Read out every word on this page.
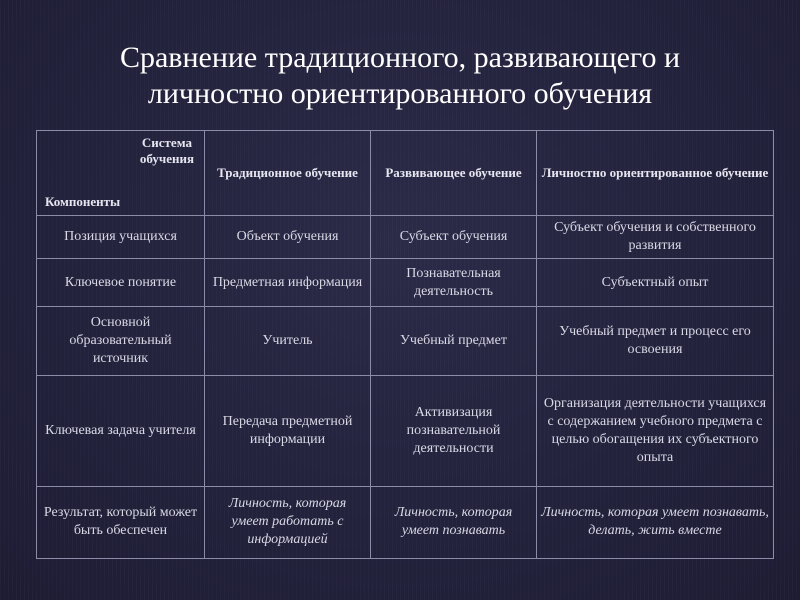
Сравнение традиционного, развивающего и
личностно ориентированного обучения
Система
обучения
Компоненты	Традиционное обучение	Развивающее обучение	Личностно ориентированное обучение
Позиция учащихся	Объект обучения	Субъект обучения	Субъект обучения и собственного развития
Ключевое понятие	Предметная информация	Познавательная деятельность	Субъектный опыт
Основной образовательный источник	Учитель	Учебный предмет	Учебный предмет и процесс его освоения
Ключевая задача учителя	Передача предметной информации	Активизация познавательной деятельности	Организация деятельности учащихся с содержанием учебного предмета с целью обогащения их субъектного опыта
Результат, который может быть обеспечен	Личность, которая умеет работать с информацией	Личность, которая умеет познавать	Личность, которая умеет познавать, делать, жить вместе
